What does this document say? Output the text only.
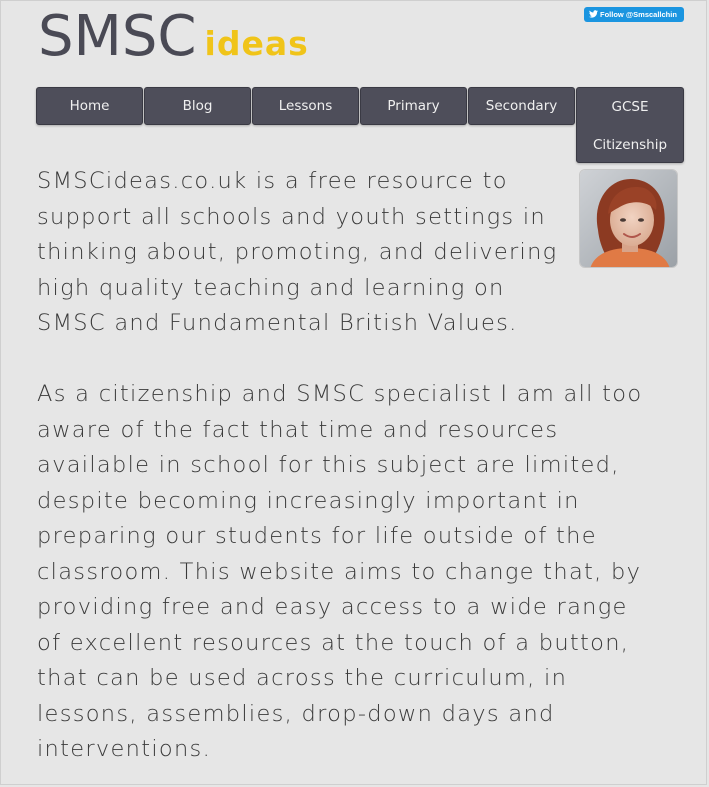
SMSC ideas
Follow @Smscallchin
Home	Blog	Lessons	Primary	Secondary	GCSE
Citizenship

SMSCideas.co.uk is a free resource to
support all schools and youth settings in
thinking about, promoting, and delivering
high quality teaching and learning on
SMSC and Fundamental British Values.

As a citizenship and SMSC specialist I am all too
aware of the fact that time and resources
available in school for this subject are limited,
despite becoming increasingly important in
preparing our students for life outside of the
classroom. This website aims to change that, by
providing free and easy access to a wide range
of excellent resources at the touch of a button,
that can be used across the curriculum, in
lessons, assemblies, drop-down days and
interventions.
